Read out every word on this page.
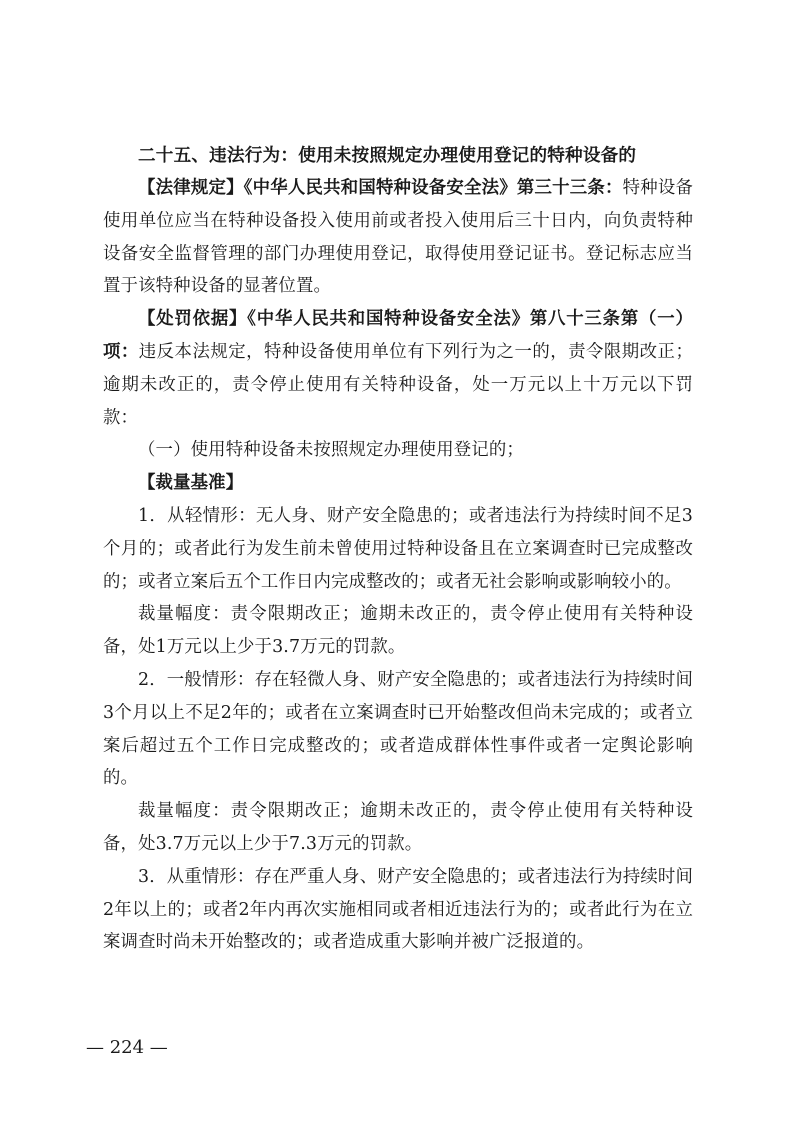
二十五、违法行为：使用未按照规定办理使用登记的特种设备的

【法律规定】《中华人民共和国特种设备安全法》第三十三条：特种设备使用单位应当在特种设备投入使用前或者投入使用后三十日内，向负责特种设备安全监督管理的部门办理使用登记，取得使用登记证书。登记标志应当置于该特种设备的显著位置。

【处罚依据】《中华人民共和国特种设备安全法》第八十三条第（一）项：违反本法规定，特种设备使用单位有下列行为之一的，责令限期改正；逾期未改正的，责令停止使用有关特种设备，处一万元以上十万元以下罚款：

（一）使用特种设备未按照规定办理使用登记的；

【裁量基准】

1．从轻情形：无人身、财产安全隐患的；或者违法行为持续时间不足3个月的；或者此行为发生前未曾使用过特种设备且在立案调查时已完成整改的；或者立案后五个工作日内完成整改的；或者无社会影响或影响较小的。

裁量幅度：责令限期改正；逾期未改正的，责令停止使用有关特种设备，处1万元以上少于3.7万元的罚款。

2．一般情形：存在轻微人身、财产安全隐患的；或者违法行为持续时间3个月以上不足2年的；或者在立案调查时已开始整改但尚未完成的；或者立案后超过五个工作日完成整改的；或者造成群体性事件或者一定舆论影响的。

裁量幅度：责令限期改正；逾期未改正的，责令停止使用有关特种设备，处3.7万元以上少于7.3万元的罚款。

3．从重情形：存在严重人身、财产安全隐患的；或者违法行为持续时间2年以上的；或者2年内再次实施相同或者相近违法行为的；或者此行为在立案调查时尚未开始整改的；或者造成重大影响并被广泛报道的。

— 224 —
